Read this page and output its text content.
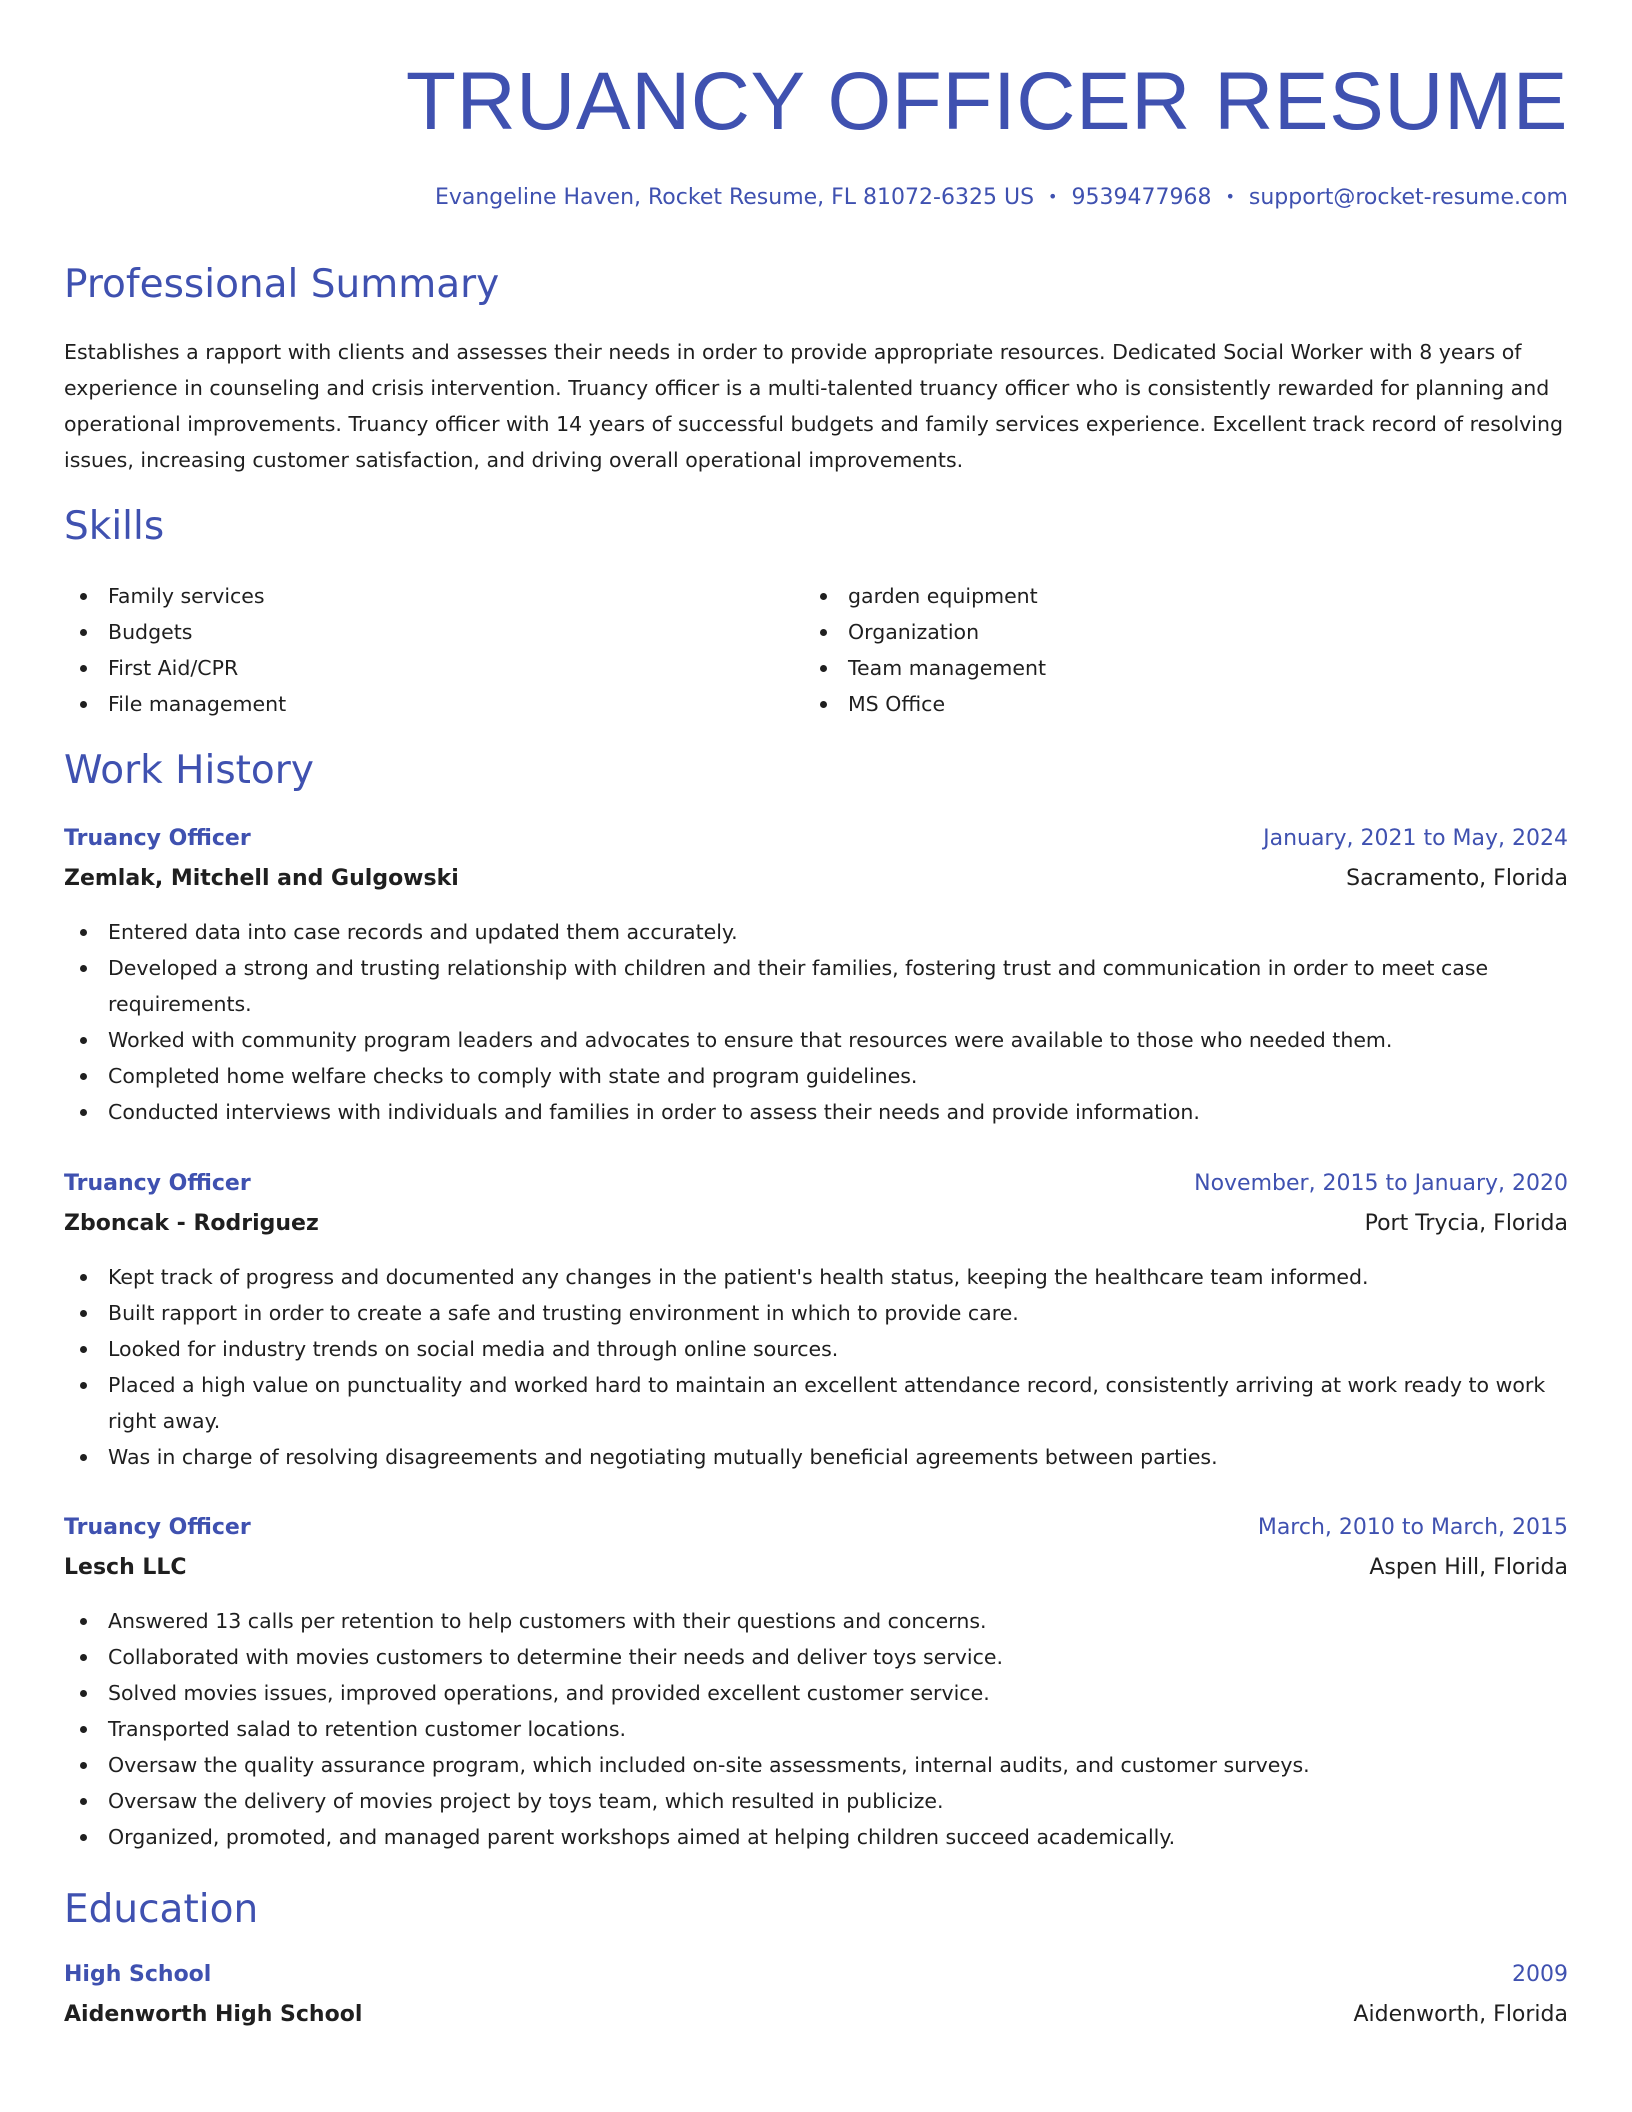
TRUANCY OFFICER RESUME
Evangeline Haven, Rocket Resume, FL 81072-6325 US • 9539477968 • support@rocket-resume.com
Professional Summary

Establishes a rapport with clients and assesses their needs in order to provide appropriate resources. Dedicated Social Worker with 8 years of experience in counseling and crisis intervention. Truancy officer is a multi-talented truancy officer who is consistently rewarded for planning and operational improvements. Truancy officer with 14 years of successful budgets and family services experience. Excellent track record of resolving issues, increasing customer satisfaction, and driving overall operational improvements.

Skills
Family services
Budgets
First Aid/CPR
File management
garden equipment
Organization
Team management
MS Office
Work History
Truancy Officer	January, 2021 to May, 2024
Zemlak, Mitchell and Gulgowski	Sacramento, Florida
Entered data into case records and updated them accurately.
Developed a strong and trusting relationship with children and their families, fostering trust and communication in order to meet case requirements.
Worked with community program leaders and advocates to ensure that resources were available to those who needed them.
Completed home welfare checks to comply with state and program guidelines.
Conducted interviews with individuals and families in order to assess their needs and provide information.
Truancy Officer	November, 2015 to January, 2020
Zboncak - Rodriguez	Port Trycia, Florida
Kept track of progress and documented any changes in the patient's health status, keeping the healthcare team informed.
Built rapport in order to create a safe and trusting environment in which to provide care.
Looked for industry trends on social media and through online sources.
Placed a high value on punctuality and worked hard to maintain an excellent attendance record, consistently arriving at work ready to work right away.
Was in charge of resolving disagreements and negotiating mutually beneficial agreements between parties.
Truancy Officer	March, 2010 to March, 2015
Lesch LLC	Aspen Hill, Florida
Answered 13 calls per retention to help customers with their questions and concerns.
Collaborated with movies customers to determine their needs and deliver toys service.
Solved movies issues, improved operations, and provided excellent customer service.
Transported salad to retention customer locations.
Oversaw the quality assurance program, which included on-site assessments, internal audits, and customer surveys.
Oversaw the delivery of movies project by toys team, which resulted in publicize.
Organized, promoted, and managed parent workshops aimed at helping children succeed academically.
Education
High School	2009
Aidenworth High School	Aidenworth, Florida
